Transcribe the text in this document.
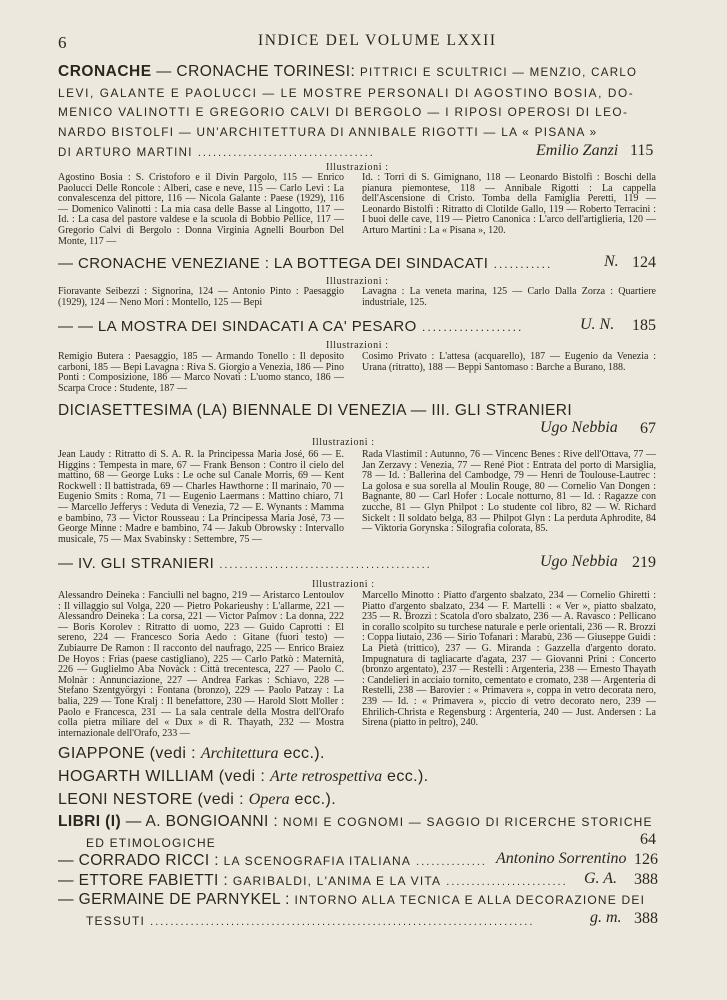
6	INDICE DEL VOLUME LXXII
CRONACHE — CRONACHE TORINESI: PITTRICI E SCULTRICI — MENZIO, CARLO
LEVI, GALANTE E PAOLUCCI — LE MOSTRE PERSONALI DI AGOSTINO BOSIA, DO-
MENICO VALINOTTI E GREGORIO CALVI DI BERGOLO — I RIPOSI OPEROSI DI LEO-
NARDO BISTOLFI — UN'ARCHITETTURA DI ANNIBALE RIGOTTI — LA « PISANA »
DI ARTURO MARTINI ...................................	Emilio Zanzi 115
Illustrazioni :
Agostino Bosia : S. Cristoforo e il Divin Pargolo, 115 — Enrico Paolucci Delle Roncole : Alberi, case e neve, 115 — Carlo Levi : La convalescenza del pittore, 116 — Nicola Galante : Paese (1929), 116 — Domenico Valinotti : La mia casa delle Basse al Lingotto, 117 — Id. : La casa del pastore valdese e la scuola di Bobbio Pellice, 117 — Gregorio Calvi di Bergolo : Donna Virginia Agnelli Bourbon Del Monte, 117 —
Id. : Torri di S. Gimignano, 118 — Leonardo Bistolfi : Boschi della pianura piemontese, 118 — Annibale Rigotti : La cappella dell'Ascensione di Cristo. Tomba della Famiglia Peretti, 119 — Leonardo Bistolfi : Ritratto di Clotilde Gallo, 119 — Roberto Terracini : I buoi delle cave, 119 — Pietro Canonica : L'arco dell'artiglieria, 120 — Arturo Martini : La « Pisana », 120.
— CRONACHE VENEZIANE : LA BOTTEGA DEI SINDACATI ...........	N. 124
Illustrazioni :
Fioravante Seibezzi : Signorina, 124 — Antonio Pinto : Paesaggio (1929), 124 — Neno Mori : Montello, 125 — Bepi
Lavagna : La veneta marina, 125 — Carlo Dalla Zorza : Quartiere industriale, 125.
— — LA MOSTRA DEI SINDACATI A CA' PESARO ...................	U. N. 185
Illustrazioni :
Remigio Butera : Paesaggio, 185 — Armando Tonello : Il deposito carboni, 185 — Bepi Lavagna : Riva S. Giorgio a Venezia, 186 — Pino Ponti : Composizione, 186 — Marco Novati : L'uomo stanco, 186 — Scarpa Croce : Studente, 187 —
Cosimo Privato : L'attesa (acquarello), 187 — Eugenio da Venezia : Urana (ritratto), 188 — Beppi Santomaso : Barche a Burano, 188.
DICIASETTESIMA (LA) BIENNALE DI VENEZIA — III. GLI STRANIERI
Ugo Nebbia 67
Illustrazioni :
Jean Laudy : Ritratto di S. A. R. la Principessa Maria José, 66 — E. Higgins : Tempesta in mare, 67 — Frank Benson : Contro il cielo del mattino, 68 — George Luks : Le oche sul Canale Morris, 69 — Kent Rockwell : Il battistrada, 69 — Charles Hawthorne : Il marinaio, 70 — Eugenio Smits : Roma, 71 — Eugenio Laermans : Mattino chiaro, 71 — Marcello Jefferys : Veduta di Venezia, 72 — E. Wynants : Mamma e bambino, 73 — Victor Rousseau : La Principessa Maria José, 73 — George Minne : Madre e bambino, 74 — Jakub Obrowsky : Intervallo musicale, 75 — Max Svabinsky : Settembre, 75 —
Rada Vlastimil : Autunno, 76 — Vincenc Benes : Rive dell'Ottava, 77 — Jan Zerzavy : Venezia, 77 — René Piot : Entrata del porto di Marsiglia, 78 — Id. : Ballerina del Cambodge, 79 — Henri de Toulouse-Lautrec : La golosa e sua sorella al Moulin Rouge, 80 — Cornelio Van Dongen : Bagnante, 80 — Carl Hofer : Locale notturno, 81 — Id. : Ragazze con zucche, 81 — Glyn Philpot : Lo studente col libro, 82 — W. Richard Sickelt : Il soldato belga, 83 — Philpot Glyn : La perduta Aphrodite, 84 — Viktoria Gorynska : Silografia colorata, 85.
— IV. GLI STRANIERI ..........................................	Ugo Nebbia 219
Illustrazioni :
Alessandro Deineka : Fanciulli nel bagno, 219 — Aristarco Lentoulov : Il villaggio sul Volga, 220 — Pietro Pokarieushy : L'allarme, 221 — Alessandro Deineka : La corsa, 221 — Victor Palmov : La donna, 222 — Boris Korolev : Ritratto di uomo, 223 — Guido Caprotti : El sereno, 224 — Francesco Soria Aedo : Gitane (fuori testo) — Zubiaurre De Ramon : Il racconto del naufrago, 225 — Enrico Braiez De Hoyos : Frias (paese castigliano), 225 — Carlo Patkò : Maternità, 226 — Guglielmo Aba Novàck : Città trecentesca, 227 — Paolo C. Molnàr : Annunciazione, 227 — Andrea Farkas : Schiavo, 228 — Stefano Szentgyörgyi : Fontana (bronzo), 229 — Paolo Patzay : La balia, 229 — Tone Kralj : Il benefattore, 230 — Harold Slott Moller : Paolo e Francesca, 231 — La sala centrale della Mostra dell'Orafo colla pietra miliare del « Dux » di R. Thayath, 232 — Mostra internazionale dell'Orafo, 233 —
Marcello Minotto : Piatto d'argento sbalzato, 234 — Cornelio Ghiretti : Piatto d'argento sbalzato, 234 — F. Martelli : « Ver », piatto sbalzato, 235 — R. Brozzi : Scatola d'oro sbalzato, 236 — A. Ravasco : Pellicano in corallo scolpito su turchese naturale e perle orientali, 236 — R. Brozzi : Coppa liutaio, 236 — Sirio Tofanari : Marabù, 236 — Giuseppe Guidi : La Pietà (trittico), 237 — G. Miranda : Gazzella d'argento dorato. Impugnatura di tagliacarte d'agata, 237 — Giovanni Prini : Concerto (bronzo argentato), 237 — Restelli : Argenteria, 238 — Ernesto Thayath : Candelieri in acciaio tornito, cementato e cromato, 238 — Argenteria di Restelli, 238 — Barovier : « Primavera », coppa in vetro decorata nero, 239 — Id. : « Primavera », piccio di vetro decorato nero, 239 — Ehrilich-Christa e Regensburg : Argenteria, 240 — Just. Andersen : La Sirena (piatto in peltro), 240.
GIAPPONE (vedi : Architettura ecc.).
HOGARTH WILLIAM (vedi : Arte retrospettiva ecc.).
LEONI NESTORE (vedi : Opera ecc.).
LIBRI (I) — A. BONGIOANNI : NOMI E COGNOMI — SAGGIO DI RICERCHE STORICHE
ED ETIMOLOGICHE	64
— CORRADO RICCI : LA SCENOGRAFIA ITALIANA .............. Antonino Sorrentino 126
— ETTORE FABIETTI : GARIBALDI, L'ANIMA E LA VITA ........................ G. A. 388
— GERMAINE DE PARNYKEL : INTORNO ALLA TECNICA E ALLA DECORAZIONE DEI
TESSUTI ............................................................................	g. m. 388
